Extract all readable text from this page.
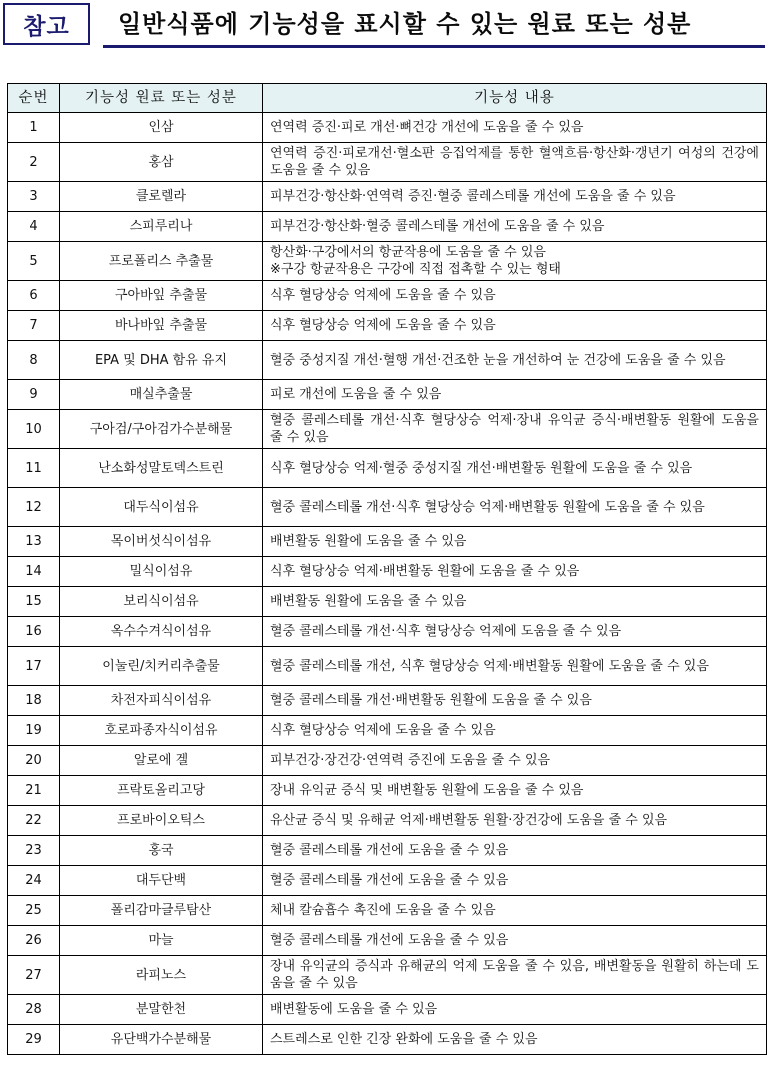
참고	일반식품에 기능성을 표시할 수 있는 원료 또는 성분
순번	기능성 원료 또는 성분	기능성 내용
1	인삼	연역력 증진·피로 개선·뼈건강 개선에 도움을 줄 수 있음
2	홍삼	연역력 증진·피로개선·혈소판 응집억제를 통한 혈액흐름·항산화·갱년기 여성의 건강에 도움을 줄 수 있음
3	클로렐라	피부건강·항산화·연역력 증진·혈중 콜레스테롤 개선에 도움을 줄 수 있음
4	스피루리나	피부건강·항산화·혈중 콜레스테롤 개선에 도움을 줄 수 있음
5	프로폴리스 추출물	항산화·구강에서의 항균작용에 도움을 줄 수 있음
※구강 항균작용은 구강에 직접 접촉할 수 있는 형태

6	구아바잎 추출물	식후 혈당상승 억제에 도움을 줄 수 있음
7	바나바잎 추출물	식후 혈당상승 억제에 도움을 줄 수 있음
8	EPA 및 DHA 함유 유지	혈중 중성지질 개선·혈행 개선·건조한 눈을 개선하여 눈 건강에 도움을 줄 수 있음
9	매실추출물	피로 개선에 도움을 줄 수 있음
10	구아검/구아검가수분해물	혈중 콜레스테롤 개선·식후 혈당상승 억제·장내 유익균 증식·배변활동 원활에 도움을 줄 수 있음
11	난소화성말토덱스트린	식후 혈당상승 억제·혈중 중성지질 개선·배변활동 원활에 도움을 줄 수 있음
12	대두식이섬유	혈중 콜레스테롤 개선·식후 혈당상승 억제·배변활동 원활에 도움을 줄 수 있음
13	목이버섯식이섬유	배변활동 원활에 도움을 줄 수 있음
14	밀식이섬유	식후 혈당상승 억제·배변활동 원활에 도움을 줄 수 있음
15	보리식이섬유	배변활동 원활에 도움을 줄 수 있음
16	옥수수겨식이섬유	혈중 콜레스테롤 개선·식후 혈당상승 억제에 도움을 줄 수 있음
17	이눌린/치커리추출물	혈중 콜레스테롤 개선, 식후 혈당상승 억제·배변활동 원활에 도움을 줄 수 있음
18	차전자피식이섬유	혈중 콜레스테롤 개선·배변활동 원활에 도움을 줄 수 있음
19	호로파종자식이섬유	식후 혈당상승 억제에 도움을 줄 수 있음
20	알로에 겔	피부건강·장건강·연역력 증진에 도움을 줄 수 있음
21	프락토올리고당	장내 유익균 증식 및 배변활동 원활에 도움을 줄 수 있음
22	프로바이오틱스	유산균 증식 및 유해균 억제·배변활동 원활·장건강에 도움을 줄 수 있음
23	홍국	혈중 콜레스테롤 개선에 도움을 줄 수 있음
24	대두단백	혈중 콜레스테롤 개선에 도움을 줄 수 있음
25	폴리감마글루탐산	체내 칼슘흡수 촉진에 도움을 줄 수 있음
26	마늘	혈중 콜레스테롤 개선에 도움을 줄 수 있음
27	라피노스	장내 유익균의 증식과 유해균의 억제 도움을 줄 수 있음, 배변활동을 원활히 하는데 도움을 줄 수 있음
28	분말한천	배변활동에 도움을 줄 수 있음
29	유단백가수분해물	스트레스로 인한 긴장 완화에 도움을 줄 수 있음
